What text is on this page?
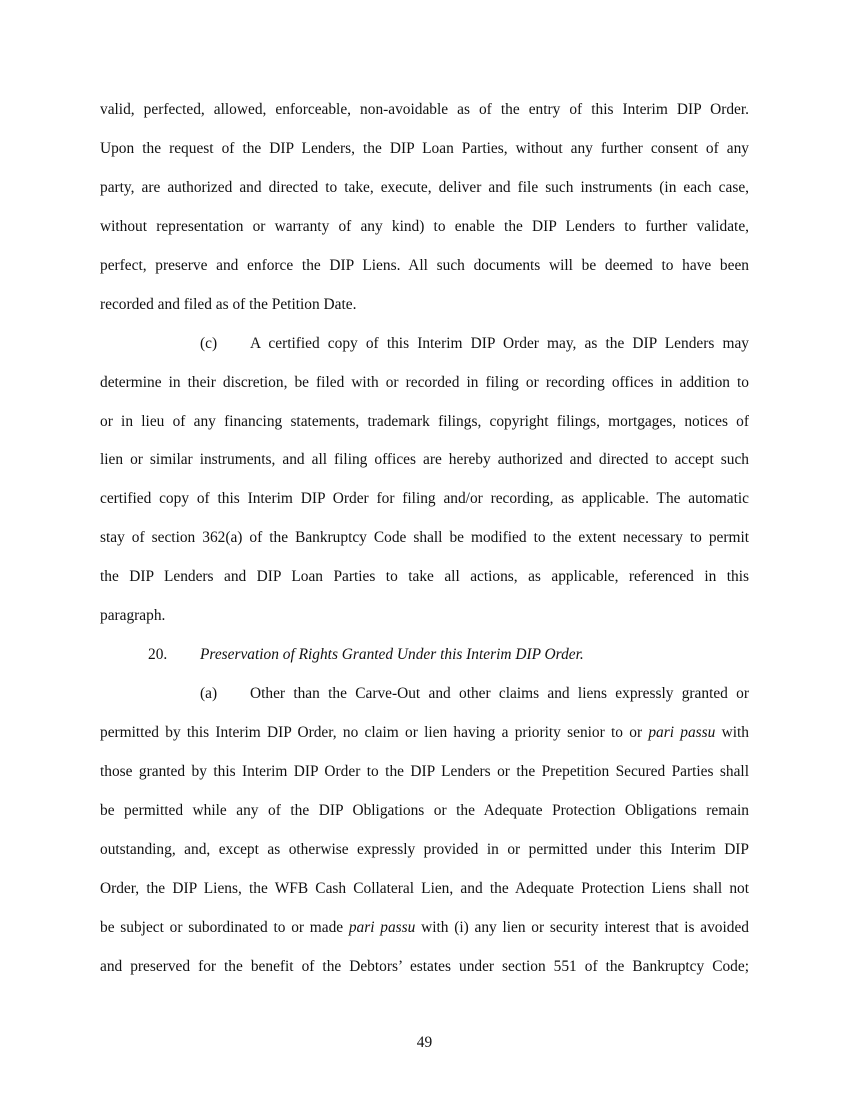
valid, perfected, allowed, enforceable, non-avoidable as of the entry of this Interim DIP Order.
Upon the request of the DIP Lenders, the DIP Loan Parties, without any further consent of any
party, are authorized and directed to take, execute, deliver and file such instruments (in each case,
without representation or warranty of any kind) to enable the DIP Lenders to further validate,
perfect, preserve and enforce the DIP Liens. All such documents will be deemed to have been
recorded and filed as of the Petition Date.
(c) A certified copy of this Interim DIP Order may, as the DIP Lenders may
determine in their discretion, be filed with or recorded in filing or recording offices in addition to
or in lieu of any financing statements, trademark filings, copyright filings, mortgages, notices of
lien or similar instruments, and all filing offices are hereby authorized and directed to accept such
certified copy of this Interim DIP Order for filing and/or recording, as applicable. The automatic
stay of section 362(a) of the Bankruptcy Code shall be modified to the extent necessary to permit
the DIP Lenders and DIP Loan Parties to take all actions, as applicable, referenced in this
paragraph.
20. Preservation of Rights Granted Under this Interim DIP Order.
(a) Other than the Carve-Out and other claims and liens expressly granted or
permitted by this Interim DIP Order, no claim or lien having a priority senior to or pari passu with
those granted by this Interim DIP Order to the DIP Lenders or the Prepetition Secured Parties shall
be permitted while any of the DIP Obligations or the Adequate Protection Obligations remain
outstanding, and, except as otherwise expressly provided in or permitted under this Interim DIP
Order, the DIP Liens, the WFB Cash Collateral Lien, and the Adequate Protection Liens shall not
be subject or subordinated to or made pari passu with (i) any lien or security interest that is avoided
and preserved for the benefit of the Debtors’ estates under section 551 of the Bankruptcy Code;
49
